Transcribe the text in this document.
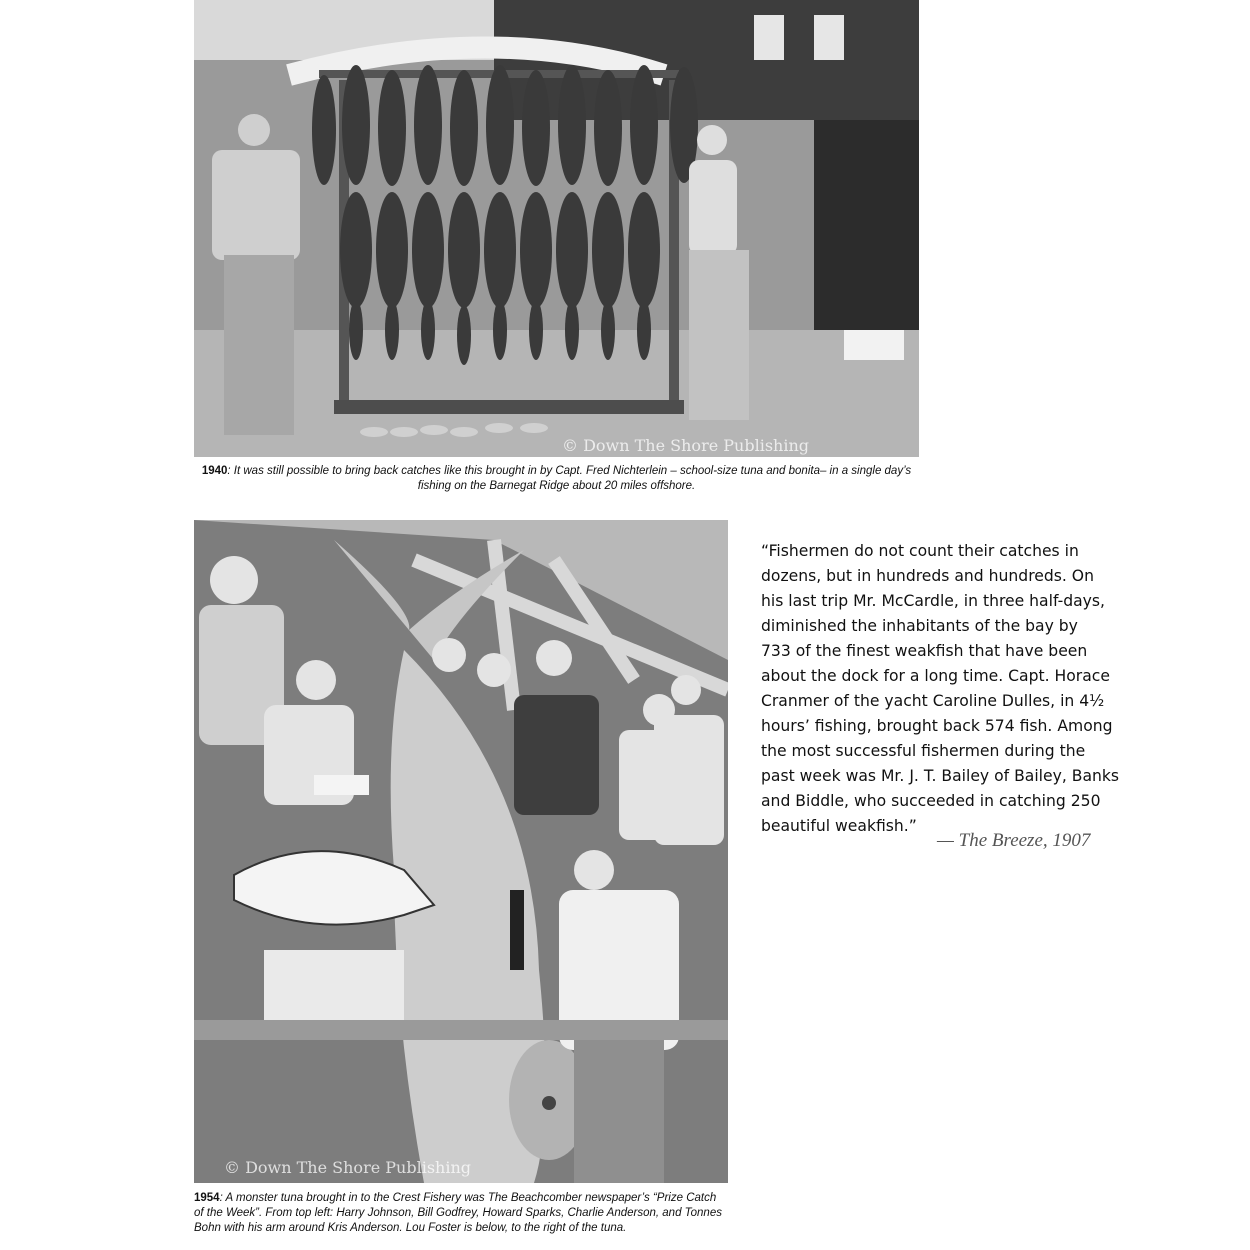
© Down The Shore Publishing
1940: It was still possible to bring back catches like this brought in by Capt. Fred Nichterlein – school-size tuna and bonita– in a single day’s fishing on the Barnegat Ridge about 20 miles offshore.
© Down The Shore Publishing
1954: A monster tuna brought in to the Crest Fishery was The Beachcomber newspaper’s “Prize Catch of the Week”. From top left: Harry Johnson, Bill Godfrey, Howard Sparks, Charlie Anderson, and Tonnes Bohn with his arm around Kris Anderson. Lou Foster is below, to the right of the tuna.
“Fishermen do not count their catches in
dozens, but in hundreds and hundreds. On
his last trip Mr. McCardle, in three half-days,
diminished the inhabitants of the bay by
733 of the finest weakfish that have been
about the dock for a long time. Capt. Horace
Cranmer of the yacht Caroline Dulles, in 4½
hours’ fishing, brought back 574 fish. Among
the most successful fishermen during the
past week was Mr. J. T. Bailey of Bailey, Banks
and Biddle, who succeeded in catching 250
beautiful weakfish.”
— The Breeze, 1907
